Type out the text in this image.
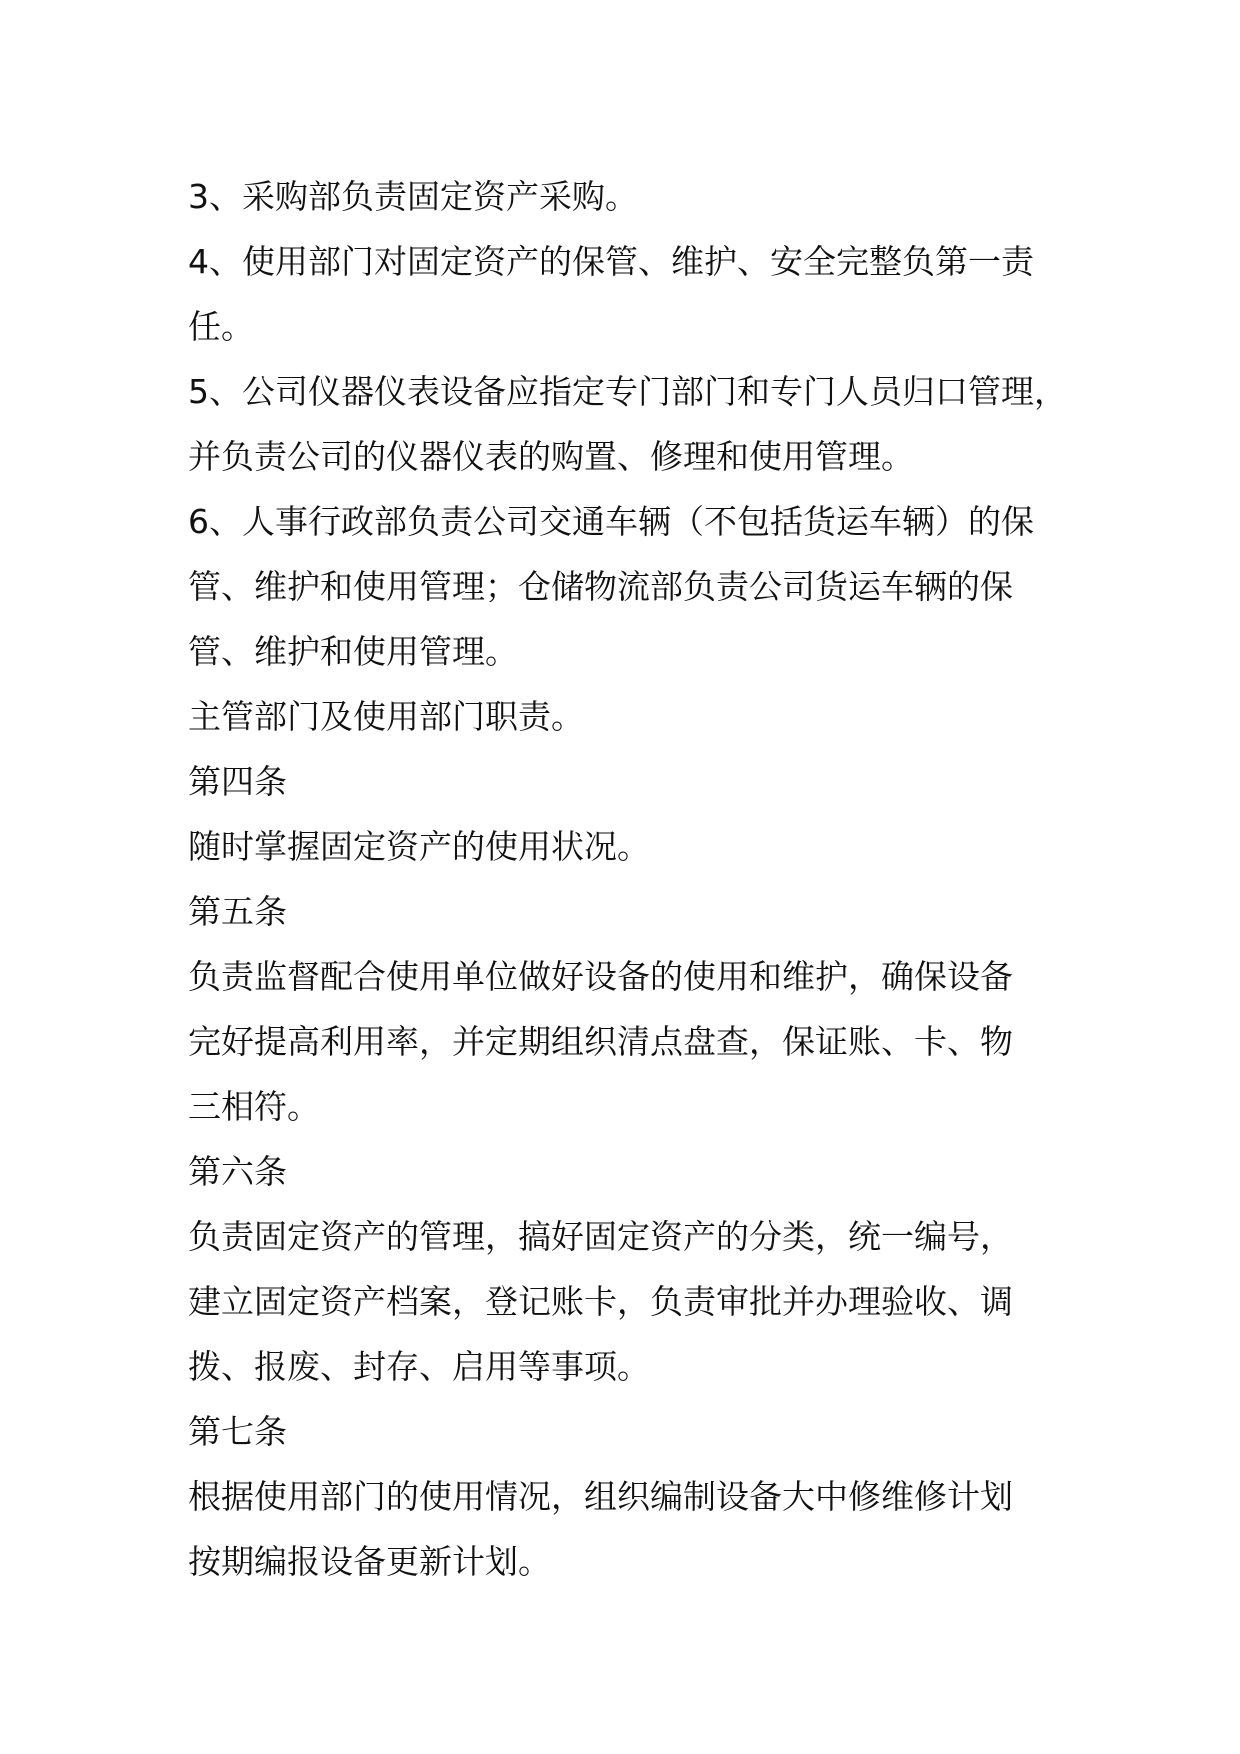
3、采购部负责固定资产采购。
4、使用部门对固定资产的保管、维护、安全完整负第一责
任。
5、公司仪器仪表设备应指定专门部门和专门人员归口管理，
并负责公司的仪器仪表的购置、修理和使用管理。
6、人事行政部负责公司交通车辆（不包括货运车辆）的保
管、维护和使用管理；仓储物流部负责公司货运车辆的保
管、维护和使用管理。
主管部门及使用部门职责。
第四条
随时掌握固定资产的使用状况。
第五条
负责监督配合使用单位做好设备的使用和维护，确保设备
完好提高利用率，并定期组织清点盘查，保证账、卡、物
三相符。
第六条
负责固定资产的管理，搞好固定资产的分类，统一编号，
建立固定资产档案，登记账卡，负责审批并办理验收、调
拨、报废、封存、启用等事项。
第七条
根据使用部门的使用情况，组织编制设备大中修维修计划
按期编报设备更新计划。
